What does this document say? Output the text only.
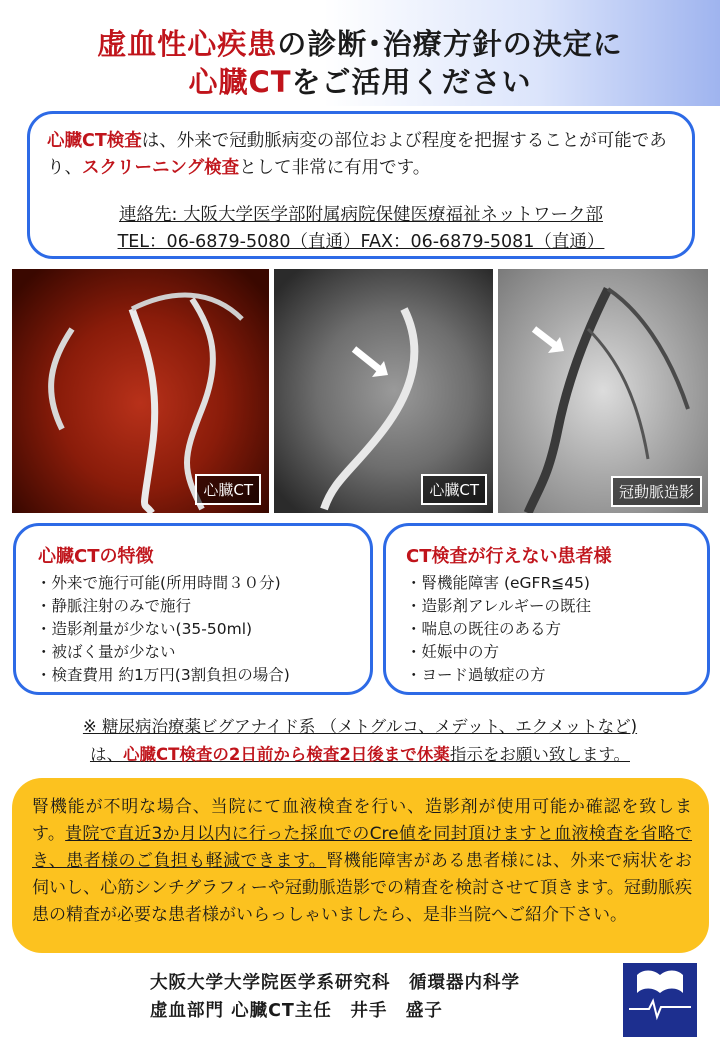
虚血性心疾患の診断･治療方針の決定に
心臓CTをご活用ください

心臓CT検査は、外来で冠動脈病変の部位および程度を把握することが可能であり、スクリーニング検査として非常に有用です。

連絡先: 大阪大学医学部附属病院保健医療福祉ネットワーク部

TEL：06-6879-5080（直通）FAX：06-6879-5081（直通）

心臓CT	心臓CT	冠動脈造影
心臓CTの特徴
・ 外来で施行可能(所用時間３０分)
・ 静脈注射のみで施行
・ 造影剤量が少ない(35-50ml)
・ 被ばく量が少ない
・ 検査費用 約1万円(3割負担の場合)
CT検査が行えない患者様
・ 腎機能障害 (eGFR≦45)
・ 造影剤アレルギーの既往
・ 喘息の既往のある方
・ 妊娠中の方
・ ヨード過敏症の方
※ 糖尿病治療薬ビグアナイド系 （メトグルコ、メデット、エクメットなど)
は、心臓CT検査の2日前から検査2日後まで休薬指示をお願い致します。

腎機能が不明な場合、当院にて血液検査を行い、造影剤が使用可能か確認を致します。貴院で直近3か月以内に行った採血でのCre値を同封頂けますと血液検査を省略でき、患者様のご負担も軽減できます。腎機能障害がある患者様には、外来で病状をお伺いし、心筋シンチグラフィーや冠動脈造影での精査を検討させて頂きます。冠動脈疾患の精査が必要な患者様がいらっしゃいましたら、是非当院へご紹介下さい。

大阪大学大学院医学系研究科　循環器内科学
虚血部門 心臓CT主任　井手　盛子
